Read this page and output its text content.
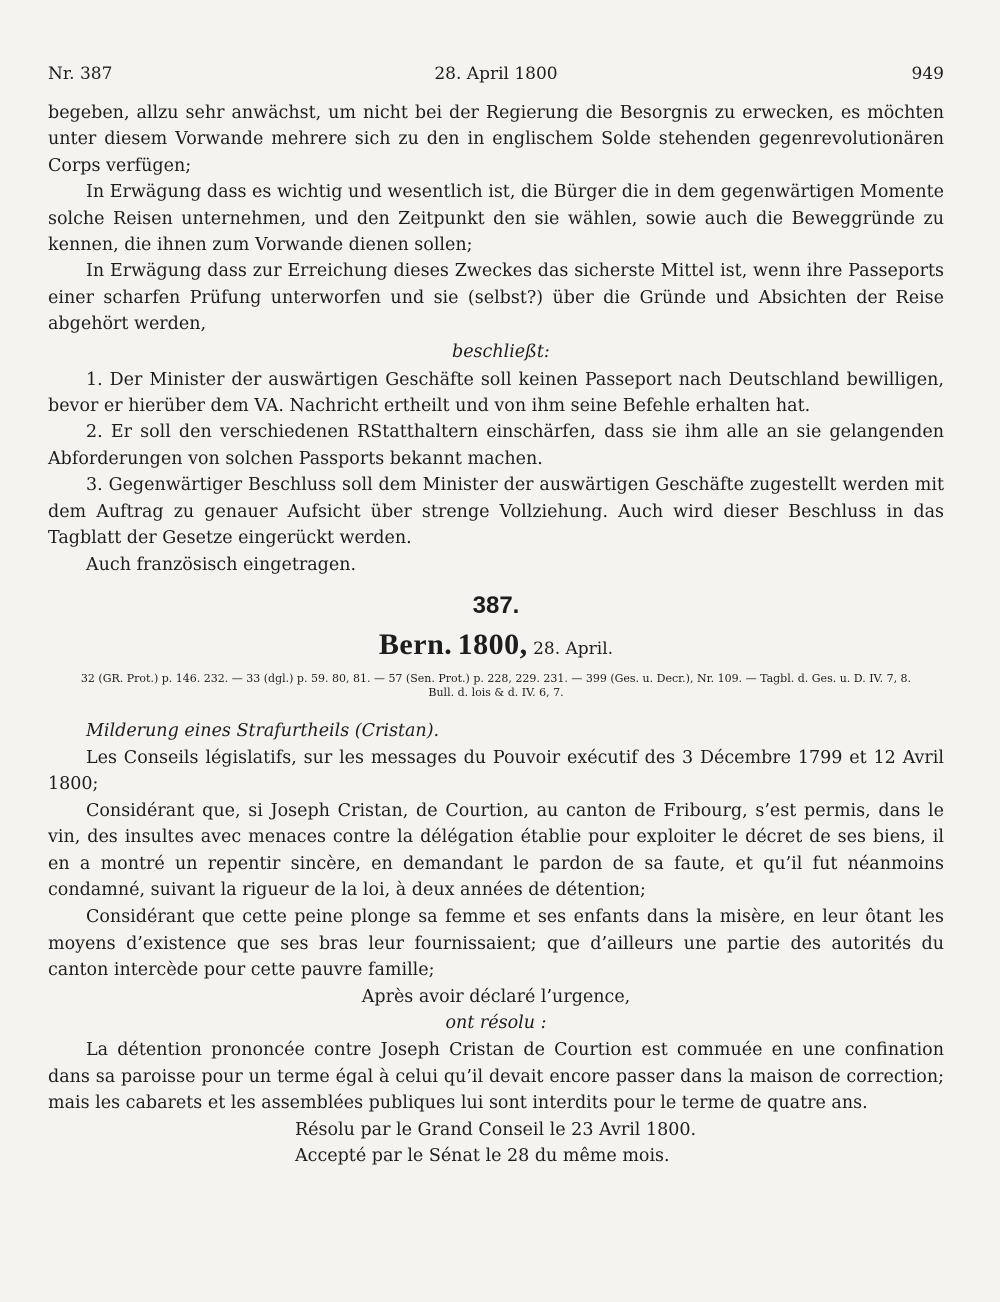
Nr. 387	28. April 1800	949

begeben, allzu sehr anwächst, um nicht bei der Regierung die Besorgnis zu erwecken, es möchten unter diesem Vorwande mehrere sich zu den in englischem Solde stehenden gegenrevolutionären Corps verfügen;

In Erwägung dass es wichtig und wesentlich ist, die Bürger die in dem gegenwärtigen Momente solche Reisen unternehmen, und den Zeitpunkt den sie wählen, sowie auch die Beweggründe zu kennen, die ihnen zum Vorwande dienen sollen;

In Erwägung dass zur Erreichung dieses Zweckes das sicherste Mittel ist, wenn ihre Passeports einer scharfen Prüfung unterworfen und sie (selbst?) über die Gründe und Absichten der Reise abgehört werden,

beschließt:

1. Der Minister der auswärtigen Geschäfte soll keinen Passeport nach Deutschland bewilligen, bevor er hierüber dem VA. Nachricht ertheilt und von ihm seine Befehle erhalten hat.

2. Er soll den verschiedenen RStatthaltern einschärfen, dass sie ihm alle an sie gelangenden Abforderungen von solchen Passports bekannt machen.

3. Gegenwärtiger Beschluss soll dem Minister der auswärtigen Geschäfte zugestellt werden mit dem Auftrag zu genauer Aufsicht über strenge Vollziehung. Auch wird dieser Beschluss in das Tagblatt der Gesetze eingerückt werden.

Auch französisch eingetragen.

387.
Bern. 1800, 28. April.
32 (GR. Prot.) p. 146. 232. — 33 (dgl.) p. 59. 80, 81. — 57 (Sen. Prot.) p. 228, 229. 231. — 399 (Ges. u. Decr.), Nr. 109. — Tagbl. d. Ges. u. D. IV. 7, 8.
Bull. d. lois & d. IV. 6, 7.

Milderung eines Strafurtheils (Cristan).

Les Conseils législatifs, sur les messages du Pouvoir exécutif des 3 Décembre 1799 et 12 Avril 1800;

Considérant que, si Joseph Cristan, de Courtion, au canton de Fribourg, s’est permis, dans le vin, des insultes avec menaces contre la délégation établie pour exploiter le décret de ses biens, il en a montré un repentir sincère, en demandant le pardon de sa faute, et qu’il fut néanmoins condamné, suivant la rigueur de la loi, à deux années de détention;

Considérant que cette peine plonge sa femme et ses enfants dans la misère, en leur ôtant les moyens d’existence que ses bras leur fournissaient; que d’ailleurs une partie des autorités du canton intercède pour cette pauvre famille;

Après avoir déclaré l’urgence,

ont résolu :

La détention prononcée contre Joseph Cristan de Courtion est commuée en une confination dans sa paroisse pour un terme égal à celui qu’il devait encore passer dans la maison de correction; mais les cabarets et les assemblées publiques lui sont interdits pour le terme de quatre ans.

Résolu par le Grand Conseil le 23 Avril 1800.

Accepté par le Sénat le 28 du même mois.
